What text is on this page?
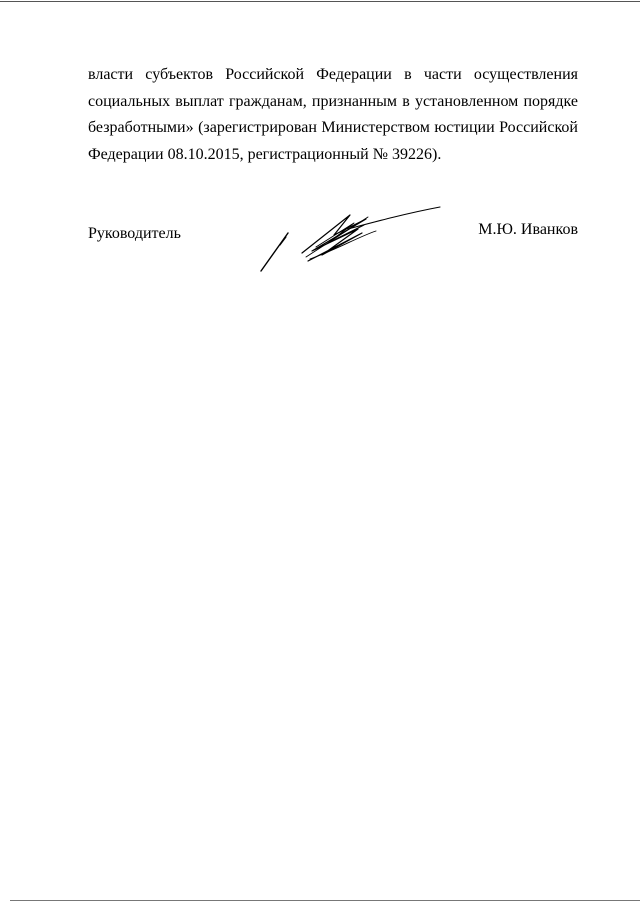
власти субъектов Российской Федерации в части осуществления
социальных выплат гражданам, признанным в установленном порядке
безработными» (зарегистрирован Министерством юстиции Российской
Федерации 08.10.2015, регистрационный № 39226).
Руководитель	М.Ю. Иванков
